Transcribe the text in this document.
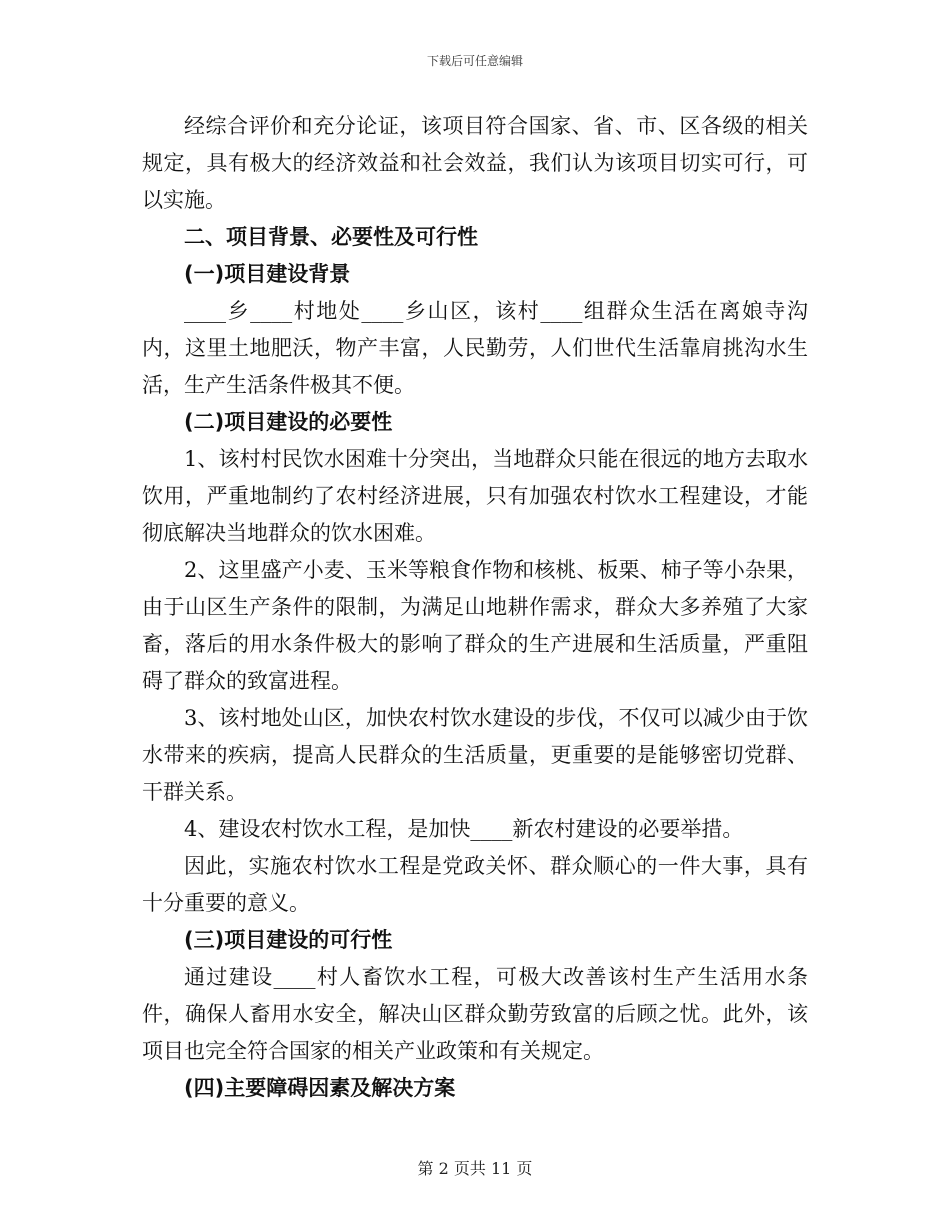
下载后可任意编辑

经综合评价和充分论证，该项目符合国家、省、市、区各级的相关规定，具有极大的经济效益和社会效益，我们认为该项目切实可行，可以实施。

二、项目背景、必要性及可行性

(一)项目建设背景

____乡____村地处____乡山区，该村____组群众生活在离娘寺沟内，这里土地肥沃，物产丰富，人民勤劳，人们世代生活靠肩挑沟水生活，生产生活条件极其不便。

(二)项目建设的必要性

1、该村村民饮水困难十分突出，当地群众只能在很远的地方去取水饮用，严重地制约了农村经济进展，只有加强农村饮水工程建设，才能彻底解决当地群众的饮水困难。

2、这里盛产小麦、玉米等粮食作物和核桃、板栗、柿子等小杂果，由于山区生产条件的限制，为满足山地耕作需求，群众大多养殖了大家畜，落后的用水条件极大的影响了群众的生产进展和生活质量，严重阻碍了群众的致富进程。

3、该村地处山区，加快农村饮水建设的步伐，不仅可以减少由于饮水带来的疾病，提高人民群众的生活质量，更重要的是能够密切党群、干群关系。

4、建设农村饮水工程，是加快____新农村建设的必要举措。

因此，实施农村饮水工程是党政关怀、群众顺心的一件大事，具有十分重要的意义。

(三)项目建设的可行性

通过建设____村人畜饮水工程，可极大改善该村生产生活用水条件，确保人畜用水安全，解决山区群众勤劳致富的后顾之忧。此外，该项目也完全符合国家的相关产业政策和有关规定。

(四)主要障碍因素及解决方案

第 2 页共 11 页
